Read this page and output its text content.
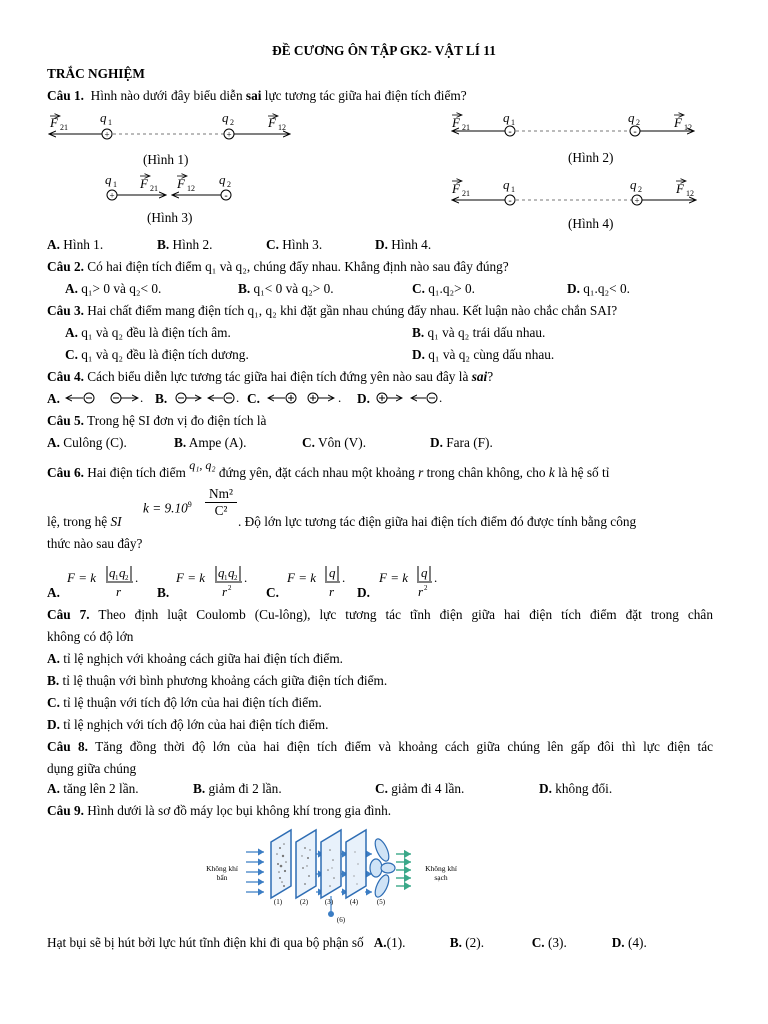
ĐỀ CƯƠNG ÔN TẬP GK2- VẬT LÍ 11
TRẮC NGHIỆM
Câu 1. Hình nào dưới đây biểu diễn sai lực tương tác giữa hai điện tích điểm?
+	+
F 21
q 1	q 2	F 12	-	-
F 21
q 1	q 2	F 12
+	-
q 1 F 21 F 12
q 2
-	+
F 21
q 1	q 2	F 12
(Hình 1)	(Hình 2)
(Hình 3)	(Hình 4)
A. Hình 1.	B. Hình 2.	C. Hình 3.	D. Hình 4.
Câu 2. Có hai điện tích điểm q₁ và q₂, chúng đẩy nhau. Khẳng định nào sau đây đúng?
A. q₁> 0 và q₂< 0.	B. q₁< 0 và q₂> 0.	C. q₁.q₂> 0.	D. q₁.q₂< 0.
Câu 3. Hai chất điểm mang điện tích q₁, q₂ khi đặt gần nhau chúng đẩy nhau. Kết luận nào chắc chắn SAI?
A. q₁ và q₂ đều là điện tích âm.	B. q₁ và q₂ trái dấu nhau.
C. q₁ và q₂ đều là điện tích dương.	D. q₁ và q₂ cùng dấu nhau.
Câu 4. Cách biểu diễn lực tương tác giữa hai điện tích đứng yên nào sau đây là sai?
A.	B.	C.	D.
.	.	.	.
Câu 5. Trong hệ SI đơn vị đo điện tích là
A. Culông (C).	B. Ampe (A).	C. Vôn (V).	D. Fara (F).
Câu 6. Hai điện tích điểm q₁, q₂ đứng yên, đặt cách nhau một khoảng r trong chân không, cho k là hệ số tỉ
lệ, trong hệ SI
$k = 9.10^9$
Nm²
C²
. Độ lớn lực tương tác điện giữa hai điện tích điểm đó được tính bằng công
thức nào sau đây?
A.	B.	C.	D.
F = k q 1 q 2
r
.	F = k q 1 q 2
r 2
.	F = k q
r
.	F = k q
r 2
.
Câu 7. Theo định luật Coulomb (Cu-lông), lực tương tác tĩnh điện giữa hai điện tích điểm đặt trong chân
không có độ lớn
A. tỉ lệ nghịch với khoảng cách giữa hai điện tích điểm.
B. tỉ lệ thuận với bình phương khoảng cách giữa điện tích điểm.
C. tỉ lệ thuận với tích độ lớn của hai điện tích điểm.
D. tỉ lệ nghịch với tích độ lớn của hai điện tích điểm.
Câu 8. Tăng đồng thời độ lớn của hai điện tích điểm và khoảng cách giữa chúng lên gấp đôi thì lực điện tác
dụng giữa chúng
A. tăng lên 2 lần.	B. giảm đi 2 lần.	C. giảm đi 4 lần.	D. không đổi.
Câu 9. Hình dưới là sơ đồ máy lọc bụi không khí trong gia đình.
Không khí
bẩn
Không khí
sạch
(1)	(2) (3) (4)	(5)
(6)
Hạt bụi sẽ bị hút bởi lực hút tĩnh điện khi đi qua bộ phận số A.(1).	B. (2).	C. (3).	D. (4).
